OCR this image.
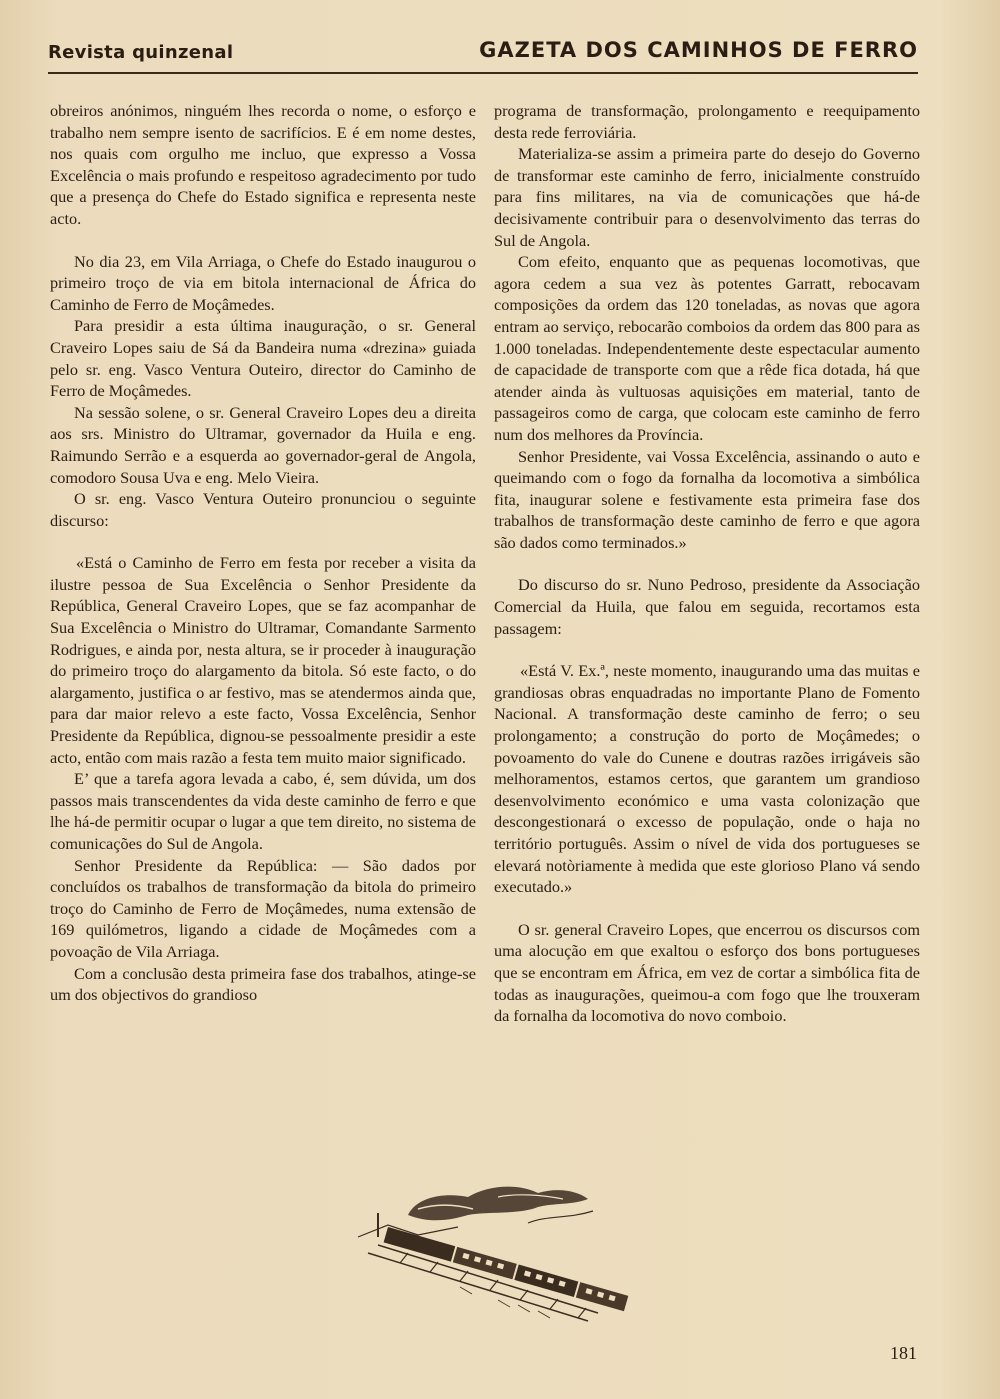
Revista quinzenal	GAZETA DOS CAMINHOS DE FERRO

obreiros anónimos, ninguém lhes recorda o nome, o esforço e trabalho nem sempre isento de sacrifícios. E é em nome destes, nos quais com orgulho me incluo, que expresso a Vossa Excelência o mais profundo e respeitoso agradecimento por tudo que a presença do Chefe do Estado significa e representa neste acto.

No dia 23, em Vila Arriaga, o Chefe do Estado inaugurou o primeiro troço de via em bitola internacional de África do Caminho de Ferro de Moçâmedes.

Para presidir a esta última inauguração, o sr. General Craveiro Lopes saiu de Sá da Bandeira numa «drezina» guiada pelo sr. eng. Vasco Ventura Outeiro, director do Caminho de Ferro de Moçâmedes.

Na sessão solene, o sr. General Craveiro Lopes deu a direita aos srs. Ministro do Ultramar, governador da Huila e eng. Raimundo Serrão e a esquerda ao governador-geral de Angola, comodoro Sousa Uva e eng. Melo Vieira.

O sr. eng. Vasco Ventura Outeiro pronunciou o seguinte discurso:

«Está o Caminho de Ferro em festa por receber a visita da ilustre pessoa de Sua Excelência o Senhor Presidente da República, General Craveiro Lopes, que se faz acompanhar de Sua Excelência o Ministro do Ultramar, Comandante Sarmento Rodrigues, e ainda por, nesta altura, se ir proceder à inauguração do primeiro troço do alargamento da bitola. Só este facto, o do alargamento, justifica o ar festivo, mas se atendermos ainda que, para dar maior relevo a este facto, Vossa Excelência, Senhor Presidente da República, dignou-se pessoalmente presidir a este acto, então com mais razão a festa tem muito maior significado.

E’ que a tarefa agora levada a cabo, é, sem dúvida, um dos passos mais transcendentes da vida deste caminho de ferro e que lhe há-de permitir ocupar o lugar a que tem direito, no sistema de comunicações do Sul de Angola.

Senhor Presidente da República: — São dados por concluídos os trabalhos de transformação da bitola do primeiro troço do Caminho de Ferro de Moçâmedes, numa extensão de 169 quilómetros, ligando a cidade de Moçâmedes com a povoação de Vila Arriaga.

Com a conclusão desta primeira fase dos trabalhos, atinge-se um dos objectivos do grandioso

programa de transformação, prolongamento e reequipamento desta rede ferroviária.

Materializa-se assim a primeira parte do desejo do Governo de transformar este caminho de ferro, inicialmente construído para fins militares, na via de comunicações que há-de decisivamente contribuir para o desenvolvimento das terras do Sul de Angola.

Com efeito, enquanto que as pequenas locomotivas, que agora cedem a sua vez às potentes Garratt, rebocavam composições da ordem das 120 toneladas, as novas que agora entram ao serviço, rebocarão comboios da ordem das 800 para as 1.000 toneladas. Independentemente deste espectacular aumento de capacidade de transporte com que a rêde fica dotada, há que atender ainda às vultuosas aquisições em material, tanto de passageiros como de carga, que colocam este caminho de ferro num dos melhores da Província.

Senhor Presidente, vai Vossa Excelência, assinando o auto e queimando com o fogo da fornalha da locomotiva a simbólica fita, inaugurar solene e festivamente esta primeira fase dos trabalhos de transformação deste caminho de ferro e que agora são dados como terminados.»

Do discurso do sr. Nuno Pedroso, presidente da Associação Comercial da Huila, que falou em seguida, recortamos esta passagem:

«Está V. Ex.ª, neste momento, inaugurando uma das muitas e grandiosas obras enquadradas no importante Plano de Fomento Nacional. A transformação deste caminho de ferro; o seu prolongamento; a construção do porto de Moçâmedes; o povoamento do vale do Cunene e doutras razões irrigáveis são melhoramentos, estamos certos, que garantem um grandioso desenvolvimento económico e uma vasta colonização que descongestionará o excesso de população, onde o haja no território português. Assim o nível de vida dos portugueses se elevará notòriamente à medida que este glorioso Plano vá sendo executado.»

O sr. general Craveiro Lopes, que encerrou os discursos com uma alocução em que exaltou o esforço dos bons portugueses que se encontram em África, em vez de cortar a simbólica fita de todas as inaugurações, queimou-a com fogo que lhe trouxeram da fornalha da locomotiva do novo comboio.

181
